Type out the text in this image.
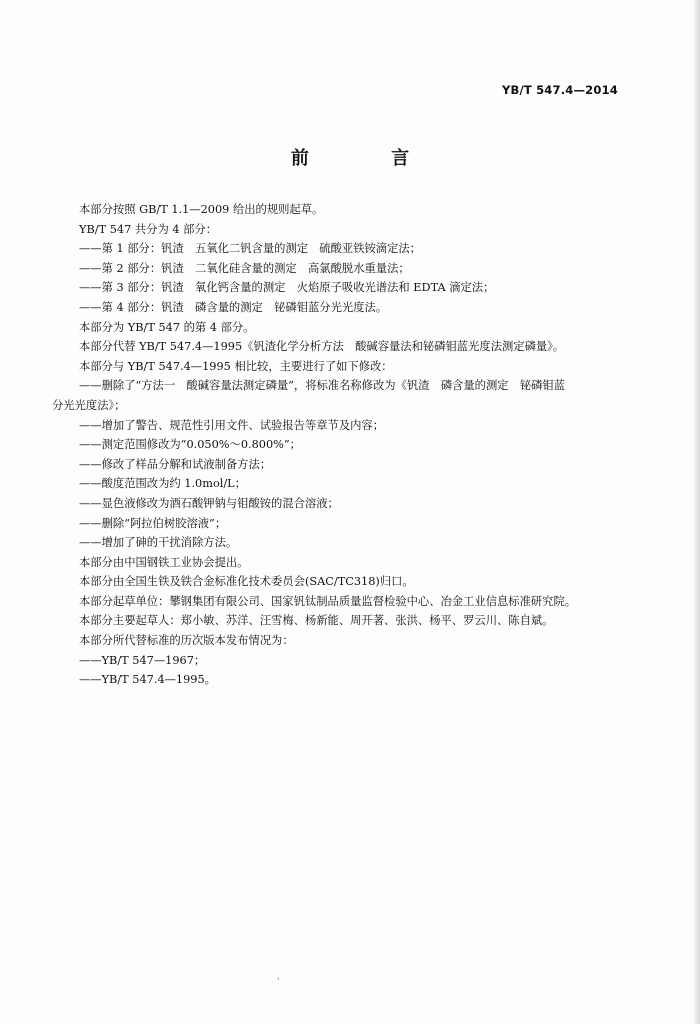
YB/T 547.4—2014
前 言
本部分按照 GB/T 1.1—2009 给出的规则起草。
YB/T 547 共分为 4 部分：
——第 1 部分：钒渣　五氧化二钒含量的测定　硫酸亚铁铵滴定法；
——第 2 部分：钒渣　二氧化硅含量的测定　高氯酸脱水重量法；
——第 3 部分：钒渣　氧化钙含量的测定　火焰原子吸收光谱法和 EDTA 滴定法；
——第 4 部分：钒渣　磷含量的测定　铋磷钼蓝分光光度法。
本部分为 YB/T 547 的第 4 部分。
本部分代替 YB/T 547.4—1995《钒渣化学分析方法　酸碱容量法和铋磷钼蓝光度法测定磷量》。
本部分与 YB/T 547.4—1995 相比较，主要进行了如下修改：
——删除了“方法一　酸碱容量法测定磷量”，将标准名称修改为《钒渣　磷含量的测定　铋磷钼蓝
分光光度法》；
——增加了警告、规范性引用文件、试验报告等章节及内容；
——测定范围修改为“0.050%～0.800%”；
——修改了样品分解和试液制备方法；
——酸度范围改为约 1.0mol/L；
——显色液修改为酒石酸钾钠与钼酸铵的混合溶液；
——删除“阿拉伯树胶溶液”；
——增加了砷的干扰消除方法。
本部分由中国钢铁工业协会提出。
本部分由全国生铁及铁合金标准化技术委员会(SAC/TC318)归口。
本部分起草单位：攀钢集团有限公司、国家钒钛制品质量监督检验中心、冶金工业信息标准研究院。
本部分主要起草人：郑小敏、苏洋、汪雪梅、杨新能、周开著、张洪、杨平、罗云川、陈自斌。
本部分所代替标准的历次版本发布情况为：
——YB/T 547—1967；
——YB/T 547.4—1995。
ʹ
